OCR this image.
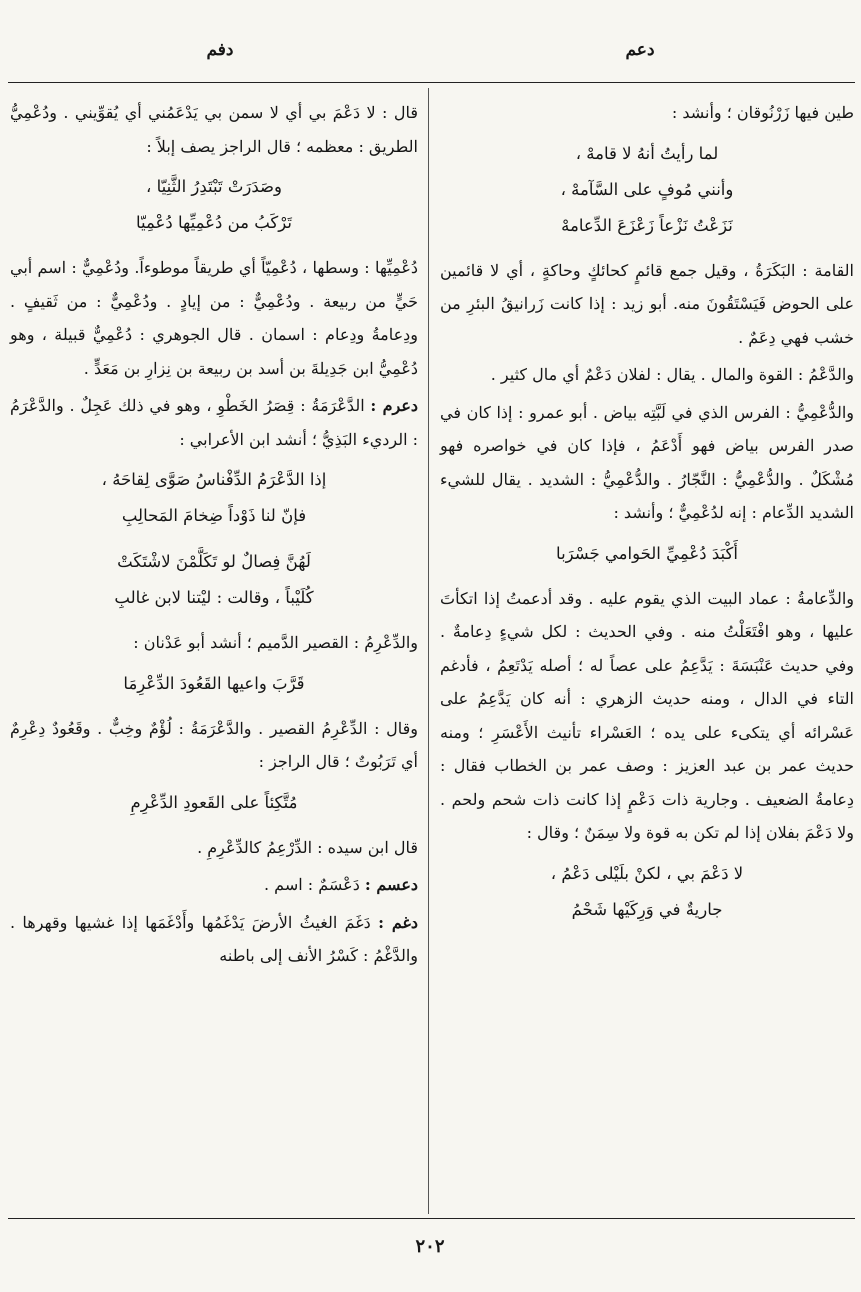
دعم
دفم

طين فيها زَرْنُوقان ؛ وأنشد :

لما رأيتُ أنهُ لا قامهْ ،
وأنني مُوفٍ على السَّآمهْ ،
نَزَعْتُ نَزْعاً زَعْزَعَ الدِّعامهْ

القامة : البَكَرَةُ ، وقيل جمع قائمٍ كحائكٍ وحاكةٍ ، أي لا قائمين على الحوض فَيَسْتَقُونَ منه. أبو زيد : إذا كانت زَرانيقُ البئرِ من خشب فهي دِعَمٌ .

والدَّعْمُ : القوة والمال . يقال : لفلان دَعْمٌ أي مال كثير .

والدُّعْمِيُّ : الفرس الذي في لَبَّتِه بياض . أبو عمرو : إذا كان في صدر الفرس بياض فهو أَدْعَمُ ، فإذا كان في خواصره فهو مُشْكَلٌ . والدُّعْمِيُّ : النَّجّارُ . والدُّعْمِيُّ : الشديد . يقال للشيء الشديد الدِّعام : إنه لدُعْمِيٌّ ؛ وأنشد :

أَكْبَدَ دُعْمِيِّ الحَوامي جَسْرَبا

والدِّعامةُ : عماد البيت الذي يقوم عليه . وقد أدعمتُ إذا اتكأتَ عليها ، وهو افْتَعَلْتُ منه . وفي الحديث : لكل شيءٍ دِعامةٌ . وفي حديث عَنْبَسَةَ : يَدَّعِمُ على عصاً له ؛ أصله يَدْتَعِمُ ، فأدغم التاء في الدال ، ومنه حديث الزهري : أنه كان يَدَّعِمُ على عَسْرائه أي يتكىء على يده ؛ العَسْراء تأنيث الأَعْسَرِ ؛ ومنه حديث عمر بن عبد العزيز : وصف عمر بن الخطاب فقال : دِعامةُ الضعيف . وجارية ذات دَعْمٍ إذا كانت ذات شحم ولحم . ولا دَعْمَ بفلان إذا لم تكن به قوة ولا سِمَنٌ ؛ وقال :

لا دَعْمَ بي ، لكنْ بلَيْلى دَعْمُ ،
جاريةٌ في وَرِكَيْها شَحْمُ

قال : لا دَعْمَ بي أي لا سمن بي يَدْعَمُني أي يُقوِّيني . ودُعْمِيُّ الطريق : معظمه ؛ قال الراجز يصف إبلاً :

وصَدَرَتْ تَبْتَدِرُ الثَّنِيّا ،
تَرْكَبُ من دُعْمِيِّها دُعْمِيّا

دُعْمِيِّها : وسطها ، دُعْمِيّاً أي طريقاً موطوءاً. ودُعْمِيٌّ : اسم أبي حَيٍّ من ربيعة . ودُعْمِيٌّ : من إيادٍ . ودُعْمِيٌّ : من ثَقيفٍ . ودِعامةُ ودِعام : اسمان . قال الجوهري : دُعْمِيٌّ قبيلة ، وهو دُعْمِيُّ ابن جَدِيلةَ بن أسد بن ربيعة بن نِزارِ بن مَعَدٍّ .

دعرم : الدَّعْرَمَةُ : قِصَرُ الخَطْوِ ، وهو في ذلك عَجِلٌ . والدَّعْرَمُ : الرديء البَذِيُّ ؛ أنشد ابن الأعرابي :

إذا الدَّعْرَمُ الدِّفْناسُ صَوَّى لِقاحَهُ ،
فإنّ لنا ذَوْداً ضِخامَ المَحالِبِ
لَهُنَّ فِصالٌ لو تَكَلَّمْنَ لاشْتَكَتْ
كُلَيْباً ، وقالت : ليْتنا لابن غالبِ

والدِّعْرِمُ : القصير الدَّميم ؛ أنشد أبو عَدْنان :

قَرَّبَ واعيها القَعُودَ الدِّعْرِمَا

وقال : الدِّعْرِمُ القصير . والدَّعْرَمَةُ : لُؤْمٌ وخِبٌّ . وقَعُودٌ دِعْرِمٌ أي تَرَبُوتٌ ؛ قال الراجز :

مُتَّكِئاً على القَعودِ الدِّعْرِمِ

قال ابن سيده : الدِّرْعِمُ كالدِّعْرِمِ .

دعسم : دَعْسَمٌ : اسم .

دغم : دَغَمَ الغيثُ الأرضَ يَدْغَمُها وأَدْغَمَها إذا غشيها وقهرها . والدَّغْمُ : كَسْرُ الأنف إلى باطنه

٢٠٢
